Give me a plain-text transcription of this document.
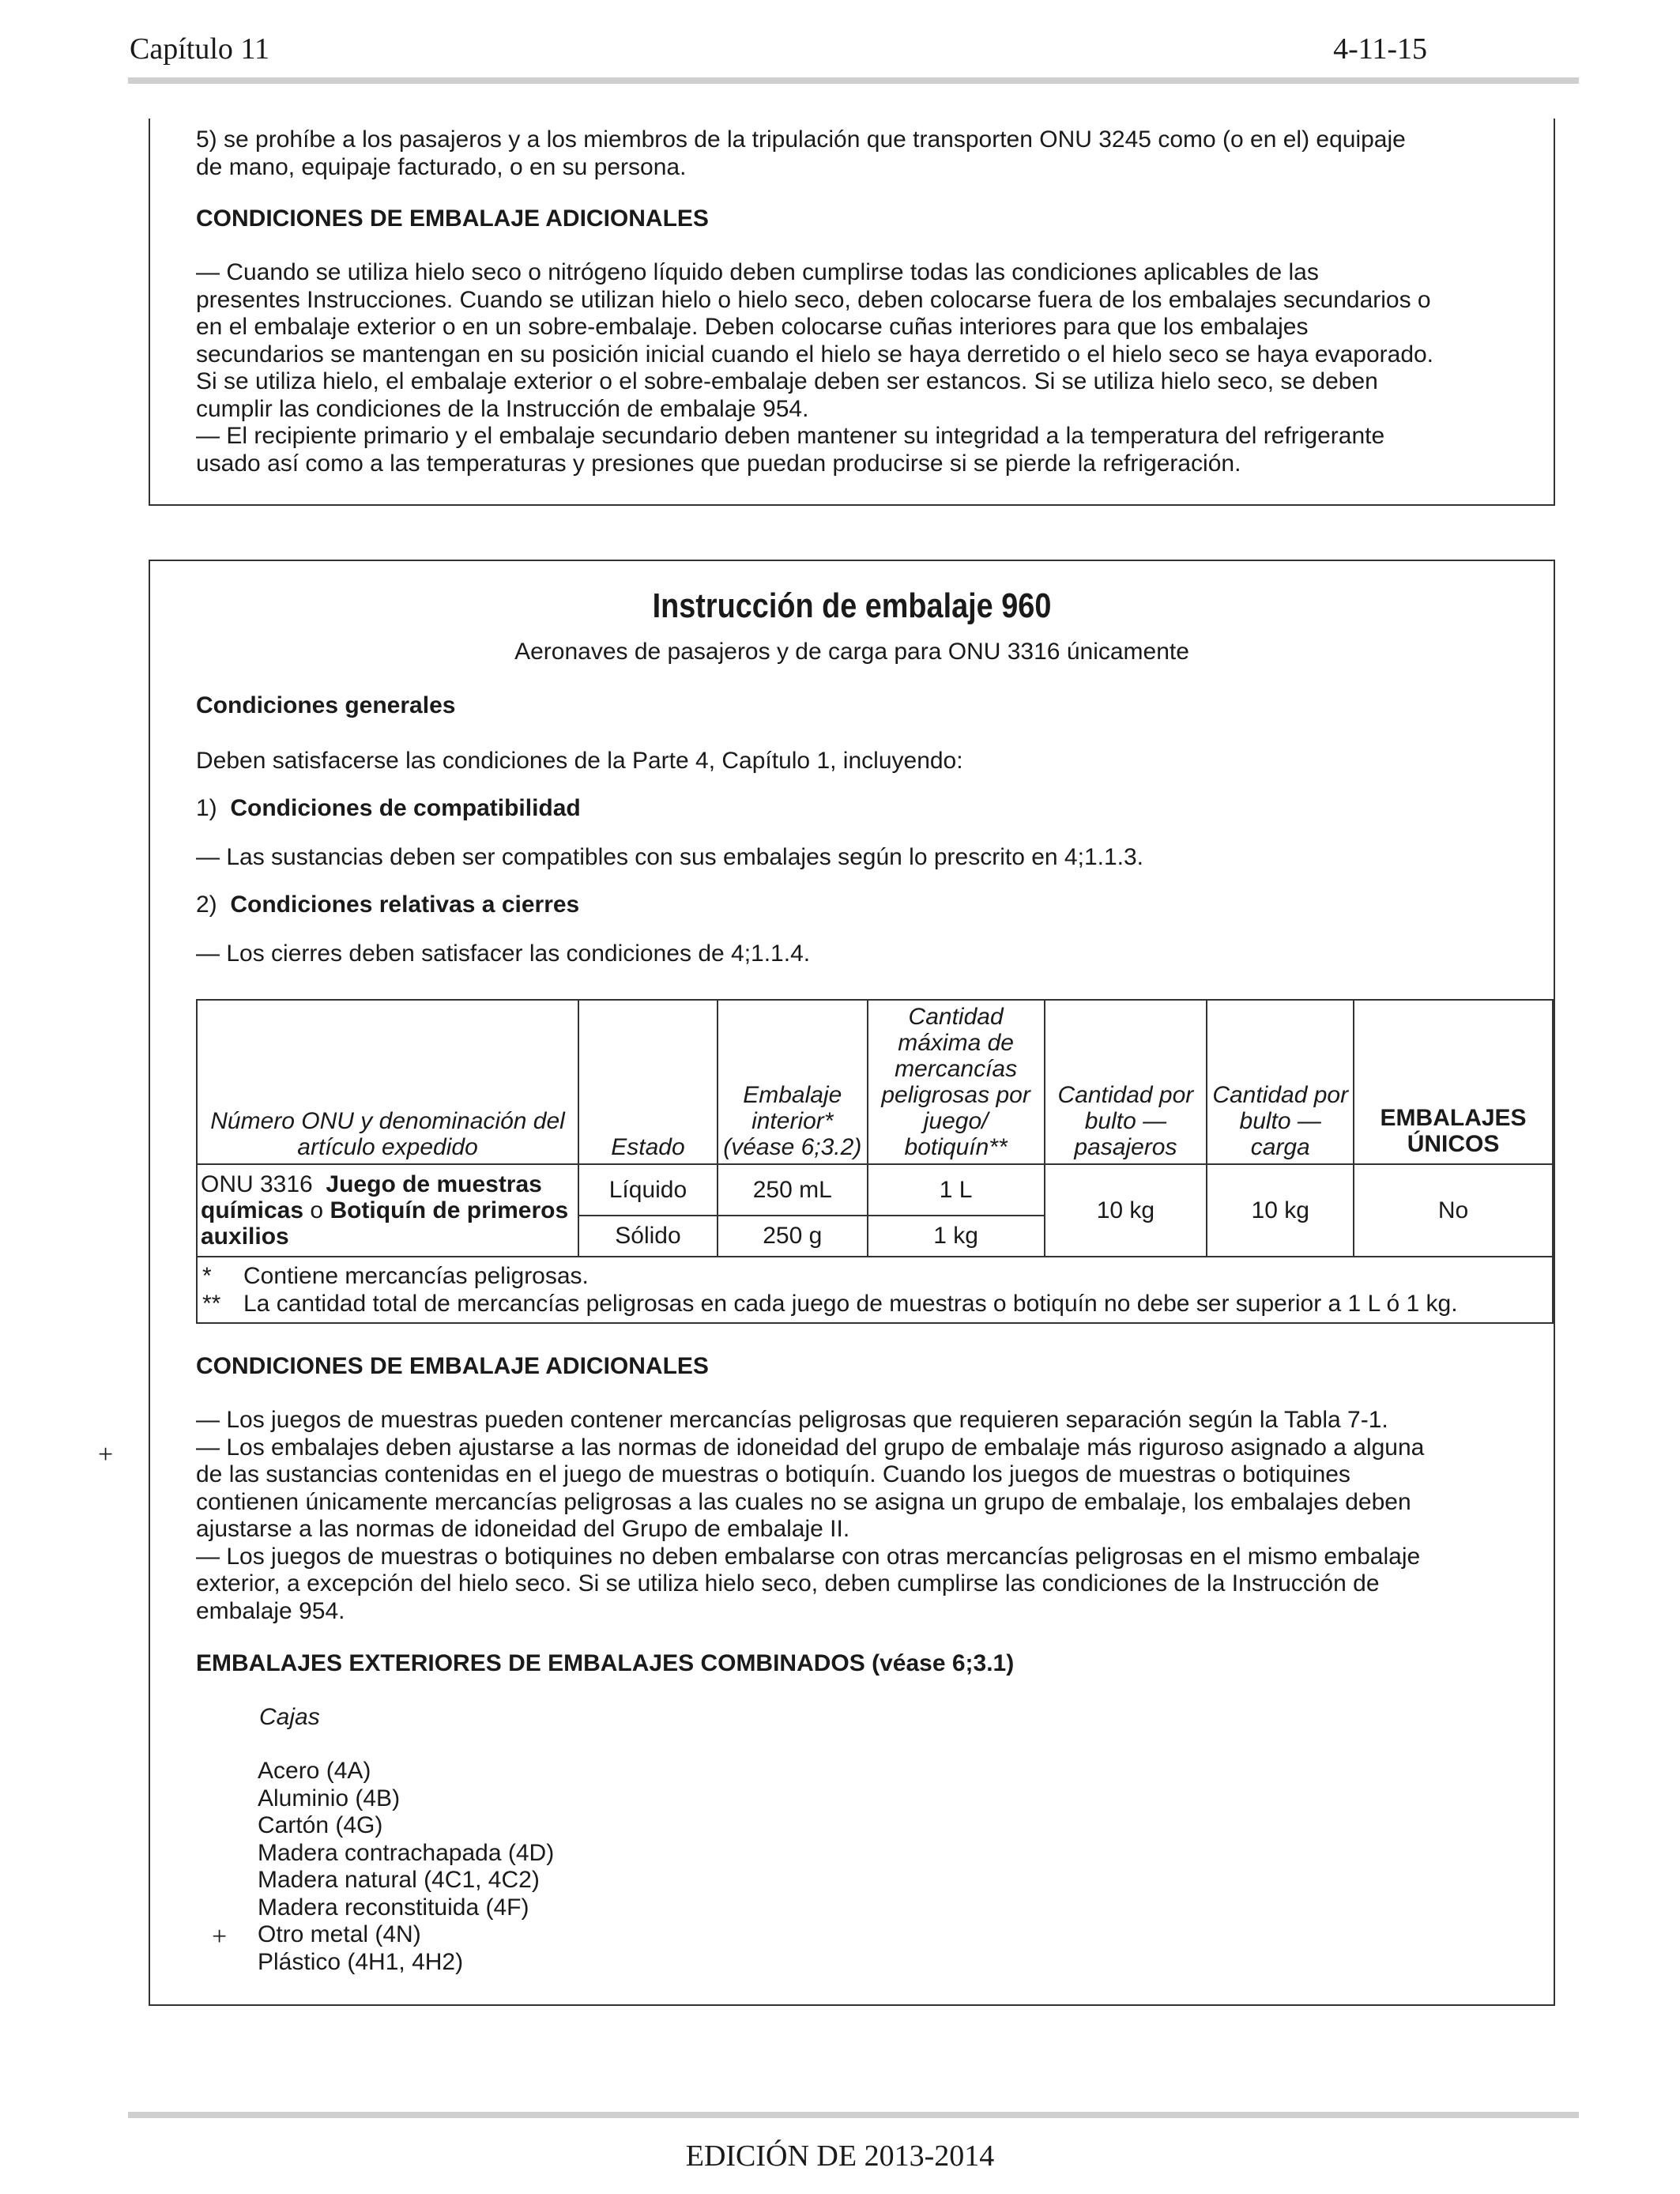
Capítulo 11	4-11-15
5) se prohíbe a los pasajeros y a los miembros de la tripulación que transporten ONU 3245 como (o en el) equipaje
de mano, equipaje facturado, o en su persona.
CONDICIONES DE EMBALAJE ADICIONALES
— Cuando se utiliza hielo seco o nitrógeno líquido deben cumplirse todas las condiciones aplicables de las
presentes Instrucciones. Cuando se utilizan hielo o hielo seco, deben colocarse fuera de los embalajes secundarios o
en el embalaje exterior o en un sobre-embalaje. Deben colocarse cuñas interiores para que los embalajes
secundarios se mantengan en su posición inicial cuando el hielo se haya derretido o el hielo seco se haya evaporado.
Si se utiliza hielo, el embalaje exterior o el sobre-embalaje deben ser estancos. Si se utiliza hielo seco, se deben
cumplir las condiciones de la Instrucción de embalaje 954.
— El recipiente primario y el embalaje secundario deben mantener su integridad a la temperatura del refrigerante
usado así como a las temperaturas y presiones que puedan producirse si se pierde la refrigeración.
Instrucción de embalaje 960
Aeronaves de pasajeros y de carga para ONU 3316 únicamente
Condiciones generales
Deben satisfacerse las condiciones de la Parte 4, Capítulo 1, incluyendo:
1) Condiciones de compatibilidad
— Las sustancias deben ser compatibles con sus embalajes según lo prescrito en 4;1.1.3.
2) Condiciones relativas a cierres
— Los cierres deben satisfacer las condiciones de 4;1.1.4.
Número ONU y denominación del artículo expedido	Estado	Embalaje interior* (véase 6;3.2)	Cantidad máxima de mercancías peligrosas por juego/ botiquín**	Cantidad por bulto — pasajeros	Cantidad por bulto — carga	EMBALAJES ÚNICOS
ONU 3316 Juego de muestras químicas o Botiquín de primeros auxilios	Líquido	250 mL	1 L	10 kg	10 kg	No
	Sólido	250 g	1 kg			

* Contiene mercancías peligrosas.
** La cantidad total de mercancías peligrosas en cada juego de muestras o botiquín no debe ser superior a 1 L ó 1 kg.						
CONDICIONES DE EMBALAJE ADICIONALES
— Los juegos de muestras pueden contener mercancías peligrosas que requieren separación según la Tabla 7-1.
— Los embalajes deben ajustarse a las normas de idoneidad del grupo de embalaje más riguroso asignado a alguna
de las sustancias contenidas en el juego de muestras o botiquín. Cuando los juegos de muestras o botiquines
contienen únicamente mercancías peligrosas a las cuales no se asigna un grupo de embalaje, los embalajes deben
ajustarse a las normas de idoneidad del Grupo de embalaje II.
— Los juegos de muestras o botiquines no deben embalarse con otras mercancías peligrosas en el mismo embalaje
exterior, a excepción del hielo seco. Si se utiliza hielo seco, deben cumplirse las condiciones de la Instrucción de
embalaje 954.
EMBALAJES EXTERIORES DE EMBALAJES COMBINADOS (véase 6;3.1)
Cajas
Acero (4A)
Aluminio (4B)
Cartón (4G)
Madera contrachapada (4D)
Madera natural (4C1, 4C2)
Madera reconstituida (4F)
Otro metal (4N)
Plástico (4H1, 4H2)
+
+
EDICIÓN DE 2013-2014
